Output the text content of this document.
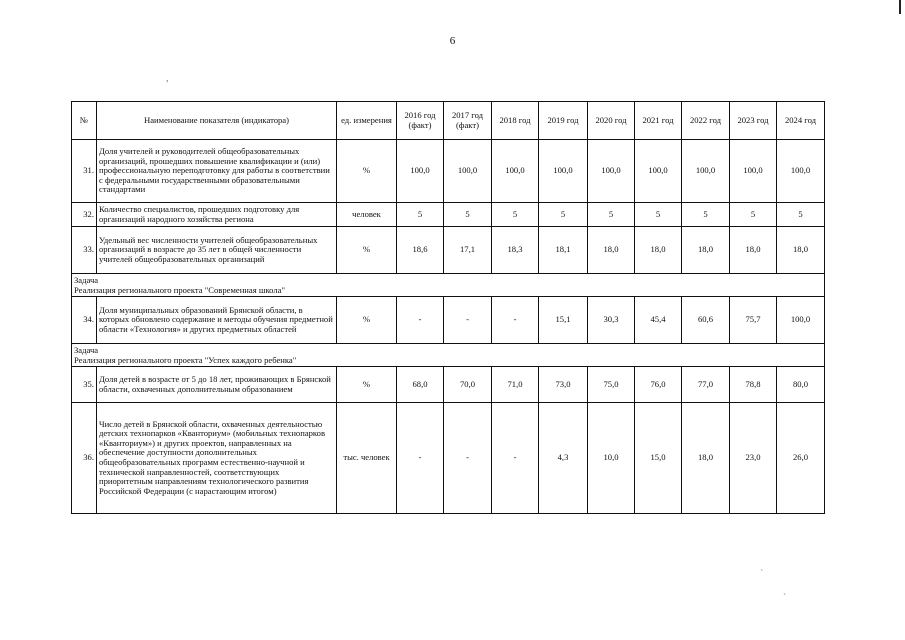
6
,
`
`
№	Наименование показателя (индикатора)	ед. измерения	2016 год (факт)	2017 год (факт)	2018 год	2019 год	2020 год	2021 год	2022 год	2023 год	2024 год
31.	Доля учителей и руководителей общеобразовательных организаций, прошедших повышение квалификации и (или) профессиональную переподготовку для работы в соответствии с федеральными государственными образовательными стандартами	%	100,0	100,0	100,0	100,0	100,0	100,0	100,0	100,0	100,0
32.	Количество специалистов, прошедших подготовку для организаций народного хозяйства региона	человек	5	5	5	5	5	5	5	5	5
33.	Удельный вес численности учителей общеобразовательных организаций в возрасте до 35 лет в общей численности учителей общеобразовательных организаций	%	18,6	17,1	18,3	18,1	18,0	18,0	18,0	18,0	18,0

Задача
Реализация регионального проекта "Современная школа"											

34.	Доля муниципальных образований Брянской области, в которых обновлено содержание и методы обучения предметной области «Технология» и других предметных областей	%	-	-	-	15,1	30,3	45,4	60,6	75,7	100,0

Задача
Реализация регионального проекта "Успех каждого ребенка"											

35.	Доля детей в возрасте от 5 до 18 лет, проживающих в Брянской области, охваченных дополнительным образованием	%	68,0	70,0	71,0	73,0	75,0	76,0	77,0	78,8	80,0
36.	Число детей в Брянской области, охваченных деятельностью детских технопарков «Кванториум» (мобильных технопарков «Кванториум») и других проектов, направленных на обеспечение доступности дополнительных общеобразовательных программ естественно-научной и технической направленностей, соответствующих приоритетным направлениям технологического развития Российской Федерации (с нарастающим итогом)	тыс. человек	-	-	-	4,3	10,0	15,0	18,0	23,0	26,0
